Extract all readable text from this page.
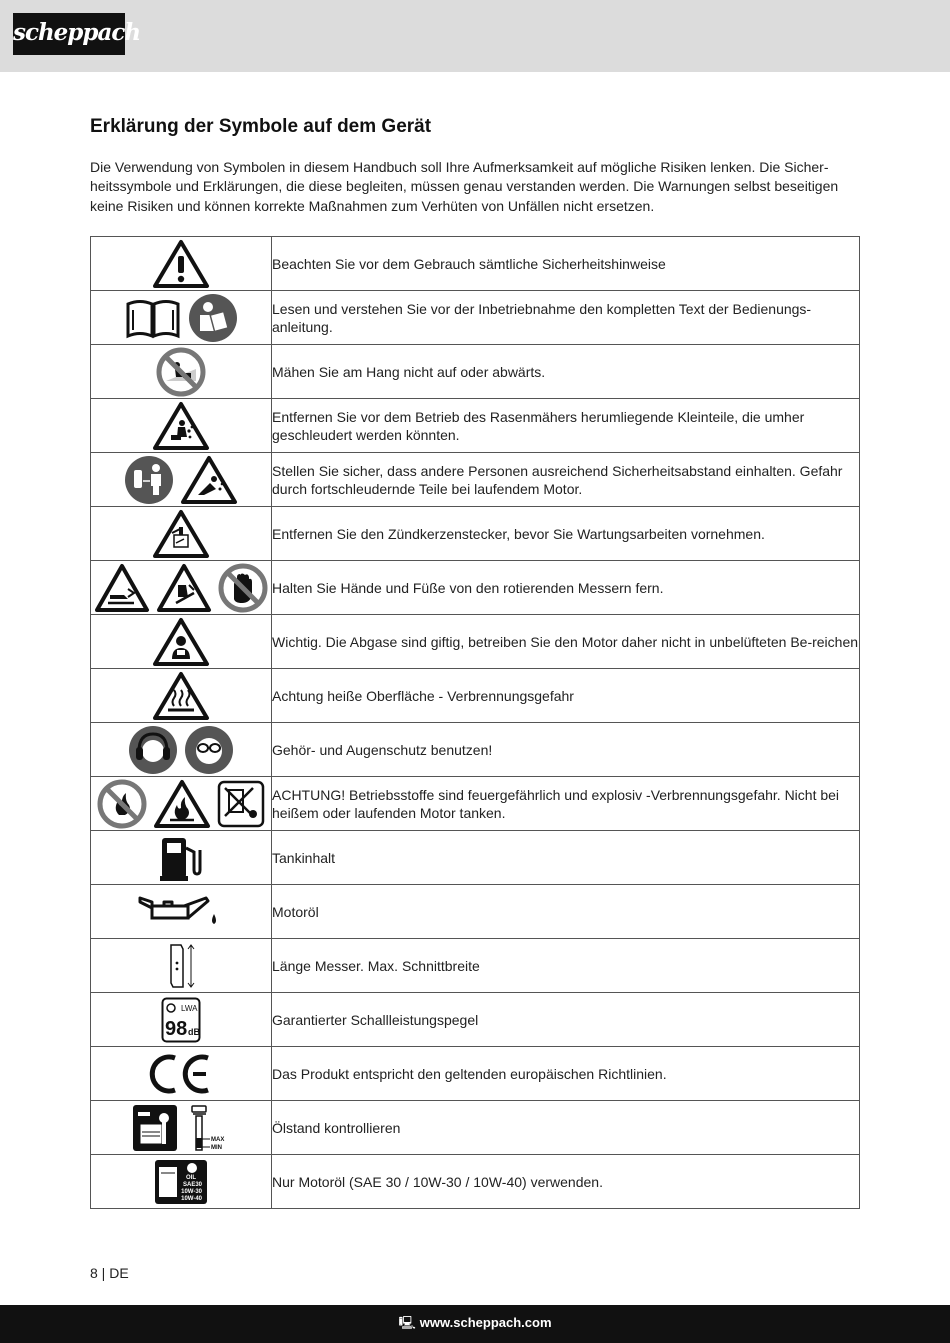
scheppach
Erklärung der Symbole auf dem Gerät

Die Verwendung von Symbolen in diesem Handbuch soll Ihre Aufmerksamkeit auf mögliche Risiken lenken. Die Sicher-heitssymbole und Erklärungen, die diese begleiten, müssen genau verstanden werden. Die Warnungen selbst beseitigen keine Risiken und können korrekte Maßnahmen zum Verhüten von Unfällen nicht ersetzen.

	Beachten Sie vor dem Gebrauch sämtliche Sicherheitshinweise
	Lesen und verstehen Sie vor der Inbetriebnahme den kompletten Text der Bedienungs-anleitung.
	Mähen Sie am Hang nicht auf oder abwärts.
	Entfernen Sie vor dem Betrieb des Rasenmähers herumliegende Kleinteile, die umher geschleudert werden könnten.
	Stellen Sie sicher, dass andere Personen ausreichend Sicherheitsabstand einhalten. Gefahr durch fortschleudernde Teile bei laufendem Motor.
	Entfernen Sie den Zündkerzenstecker, bevor Sie Wartungsarbeiten vornehmen.
	Halten Sie Hände und Füße von den rotierenden Messern fern.
	Wichtig. Die Abgase sind giftig, betreiben Sie den Motor daher nicht in unbelüfteten Be-reichen
	Achtung heiße Oberfläche - Verbrennungsgefahr
	Gehör- und Augenschutz benutzen!
	ACHTUNG! Betriebsstoffe sind feuergefährlich und explosiv -Verbrennungsgefahr. Nicht bei heißem oder laufenden Motor tanken.
	Tankinhalt
	Motoröl
	Länge Messer. Max. Schnittbreite

LWA
98 dB	Garantierter Schallleistungspegel
	Das Produkt entspricht den geltenden europäischen Richtlinien.

MAX
MIN	Ölstand kontrollieren

OIL
SAE30
10W-30
10W-40	Nur Motoröl (SAE 30 / 10W-30 / 10W-40) verwenden.
8 | DE
🖳 www.scheppach.com
